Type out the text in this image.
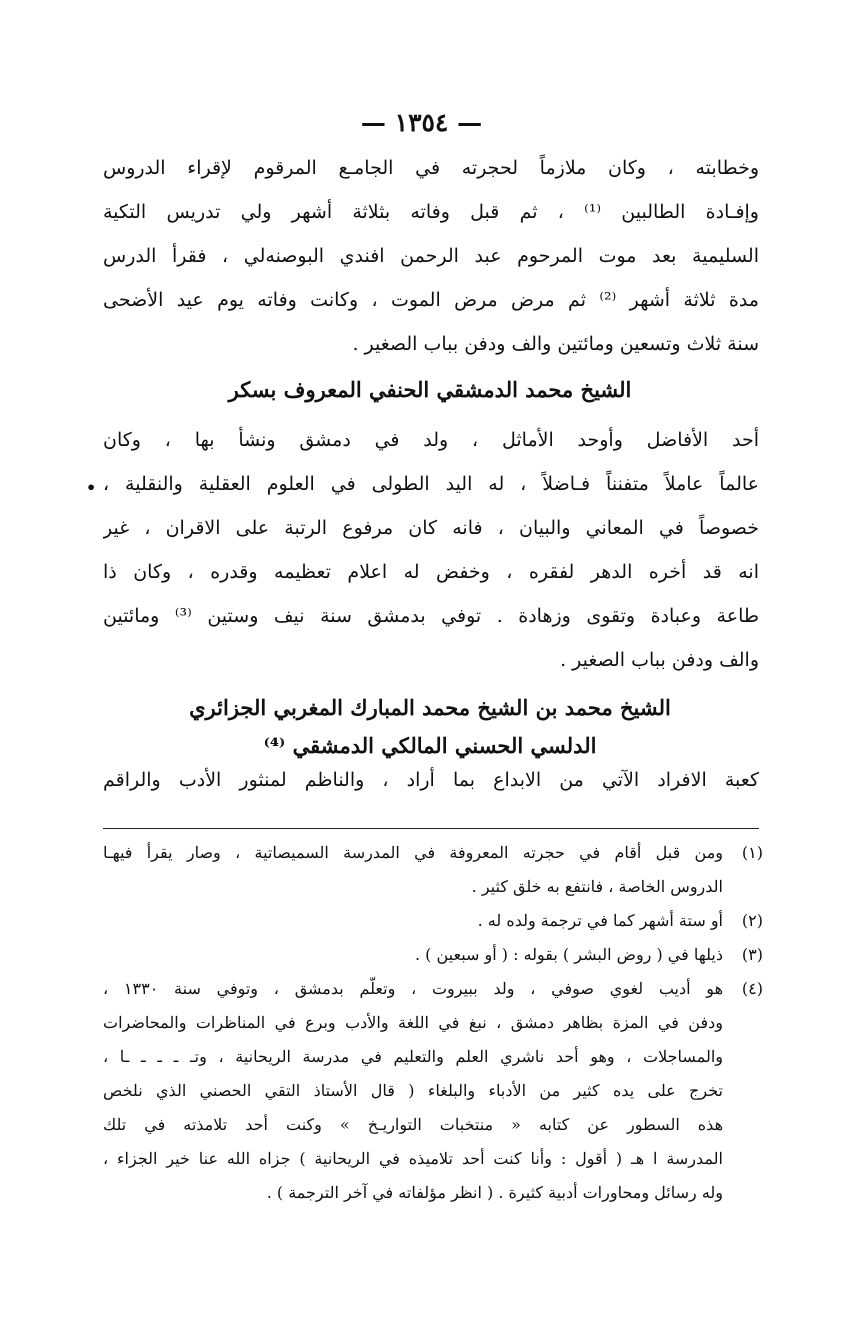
— ١٣٥٤ —
وخطابته ، وكان ملازماً لحجرته في الجامـع المرقوم لإقراء الدروس
وإفـادة الطالبين ⁽¹⁾ ، ثم قبل وفاته بثلاثة أشهر ولي تدريس التكية
السليمية بعد موت المرحوم عبد الرحمن افندي البوصنه‌لي ، فقرأ الدرس
مدة ثلاثة أشهر ⁽²⁾ ثم مرض مرض الموت ، وكانت وفاته يوم عيد الأضحى
سنة ثلاث وتسعين ومائتين والف ودفن بباب الصغير .
الشيخ محمد الدمشقي الحنفي المعروف بسكر
أحد الأفاضل وأوحد الأماثل ، ولد في دمشق ونشأ بها ، وكان
عالماً عاملاً متفنناً فـاضلاً ، له اليد الطولى في العلوم العقلية والنقلية ،
خصوصاً في المعاني والبيان ، فانه كان مرفوع الرتبة على الاقران ، غير
انه قد أخره الدهر لفقره ، وخفض له اعلام تعظيمه وقدره ، وكان ذا
طاعة وعبادة وتقوى وزهادة . توفي بدمشق سنة نيف وستين ⁽³⁾ ومائتين
والف ودفن بباب الصغير .
•
الشيخ محمد بن الشيخ محمد المبارك المغربي الجزائري
الدلسي الحسني المالكي الدمشقي ⁽⁴⁾
كعبة الافراد الآتي من الابداع بما أراد ، والناظم لمنثور الأدب والراقم
(١)
ومن قبل أقام في حجرته المعروفة في المدرسة السميصاتية ، وصار يقرأ فيهـا
الدروس الخاصة ، فانتفع به خلق كثير .
(٢)
أو ستة أشهر كما في ترجمة ولده له .
(٣)
ذيلها في ( روض البشر ) بقوله : ( أو سبعين ) .
(٤)
هو أديب لغوي صوفي ، ولد ببيروت ، وتعلّم بدمشق ، وتوفي سنة ١٣٣٠ ،
ودفن في المزة بظاهر دمشق ، نبغ في اللغة والأدب وبرع في المناظرات والمحاضرات
والمساجلات ، وهو أحد ناشري العلم والتعليم في مدرسة الريحانية ، وتـ ـ ـ ـ ـا ،
تخرج على يده كثير من الأدباء والبلغاء ( قال الأستاذ التقي الحصني الذي نلخص
هذه السطور عن كتابه « منتخبات التواريـخ » وكنت أحد تلامذته في تلك
المدرسة ا هـ ( أقول : وأنا كنت أحد تلاميذه في الريحانية ) جزاه الله عنا خير الجزاء ،
وله رسائل ومحاورات أدبية كثيرة . ( انظر مؤلفاته في آخر الترجمة ) .
